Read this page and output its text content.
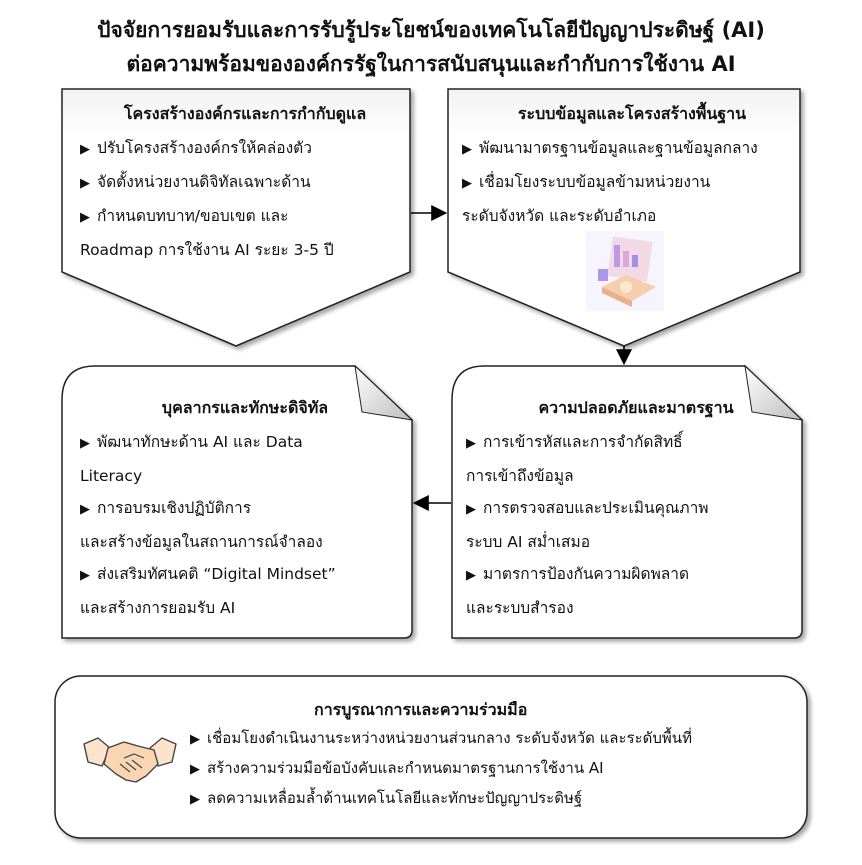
ปัจจัยการยอมรับและการรับรู้ประโยชน์ของเทคโนโลยีปัญญาประดิษฐ์ (AI)
ต่อความพร้อมขององค์กรรัฐในการสนับสนุนและกำกับการใช้งาน AI
โครงสร้างองค์กรและการกำกับดูแล
▶ ปรับโครงสร้างองค์กรให้คล่องตัว
▶ จัดตั้งหน่วยงานดิจิทัลเฉพาะด้าน
▶ กำหนดบทบาท/ขอบเขต และ
Roadmap การใช้งาน AI ระยะ 3-5 ปี
ระบบข้อมูลและโครงสร้างพื้นฐาน
▶ พัฒนามาตรฐานข้อมูลและฐานข้อมูลกลาง
▶ เชื่อมโยงระบบข้อมูลข้ามหน่วยงาน
ระดับจังหวัด และระดับอำเภอ
บุคลากรและทักษะดิจิทัล
▶ พัฒนาทักษะด้าน AI และ Data
Literacy
▶ การอบรมเชิงปฏิบัติการ
และสร้างข้อมูลในสถานการณ์จำลอง
▶ ส่งเสริมทัศนคติ “Digital Mindset”
และสร้างการยอมรับ AI
ความปลอดภัยและมาตรฐาน
▶ การเข้ารหัสและการจำกัดสิทธิ์
การเข้าถึงข้อมูล
▶ การตรวจสอบและประเมินคุณภาพ
ระบบ AI สม่ำเสมอ
▶ มาตรการป้องกันความผิดพลาด
และระบบสำรอง
การบูรณาการและความร่วมมือ
▶ เชื่อมโยงดำเนินงานระหว่างหน่วยงานส่วนกลาง ระดับจังหวัด และระดับพื้นที่
▶ สร้างความร่วมมือข้อบังคับและกำหนดมาตรฐานการใช้งาน AI
▶ ลดความเหลื่อมล้ำด้านเทคโนโลยีและทักษะปัญญาประดิษฐ์
